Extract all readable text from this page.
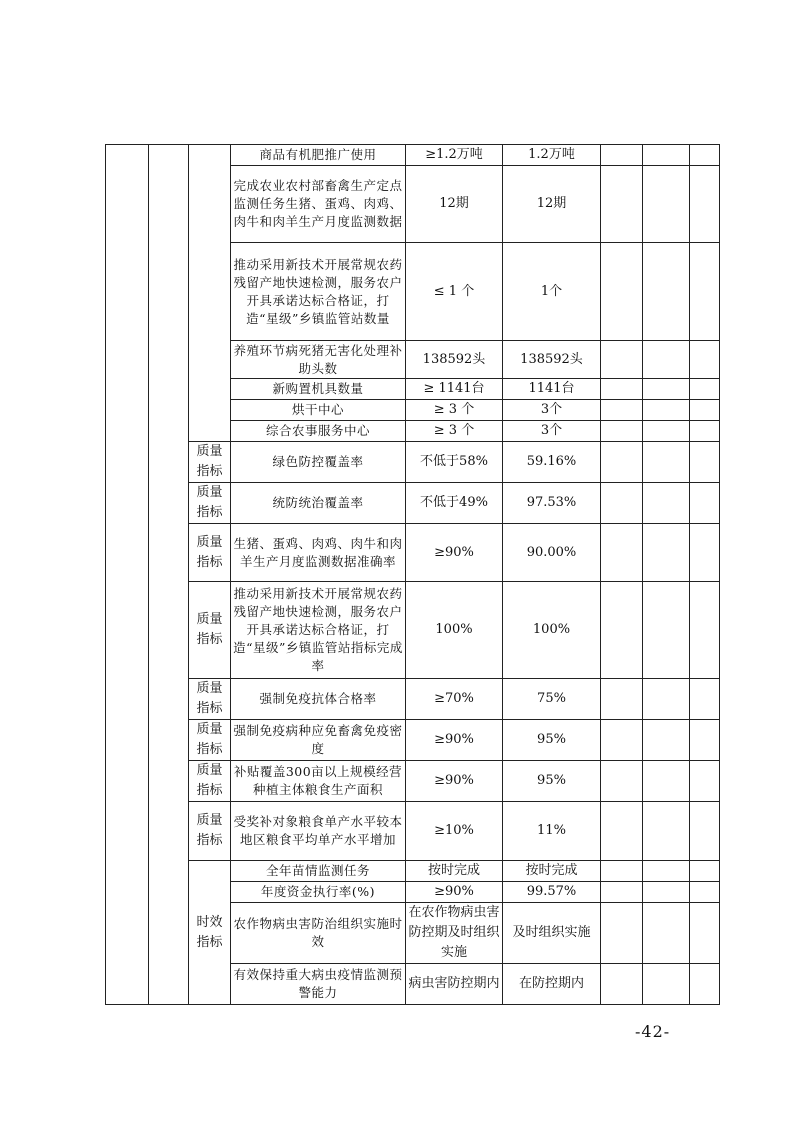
			商品有机肥推广使用	≥1.2万吨	1.2万吨			
			完成农业农村部畜禽生产定点监测任务生猪、蛋鸡、肉鸡、肉牛和肉羊生产月度监测数据	12期	12期			
			推动采用新技术开展常规农药残留产地快速检测，服务农户开具承诺达标合格证，打造“星级”乡镇监管站数量	≤ 1 个	1个			
			养殖环节病死猪无害化处理补助头数	138592头	138592头			
			新购置机具数量	≥ 1141台	1141台			
			烘干中心	≥ 3 个	3个			
			综合农事服务中心	≥ 3 个	3个			
		质量指标	绿色防控覆盖率	不低于58%	59.16%			
		质量指标	统防统治覆盖率	不低于49%	97.53%			
		质量指标	生猪、蛋鸡、肉鸡、肉牛和肉羊生产月度监测数据准确率	≥90%	90.00%			
		质量指标	推动采用新技术开展常规农药残留产地快速检测，服务农户开具承诺达标合格证，打造“星级”乡镇监管站指标完成率	100%	100%			
		质量指标	强制免疫抗体合格率	≥70%	75%			
		质量指标	强制免疫病种应免畜禽免疫密度	≥90%	95%			
		质量指标	补贴覆盖300亩以上规模经营种植主体粮食生产面积	≥90%	95%			
		质量指标	受奖补对象粮食单产水平较本地区粮食平均单产水平增加	≥10%	11%			
		时效指标	全年苗情监测任务	按时完成	按时完成			
			年度资金执行率(%)	≥90%	99.57%			
			农作物病虫害防治组织实施时效	在农作物病虫害防控期及时组织实施	及时组织实施			
			有效保持重大病虫疫情监测预警能力	病虫害防控期内	在防控期内			
-42-
